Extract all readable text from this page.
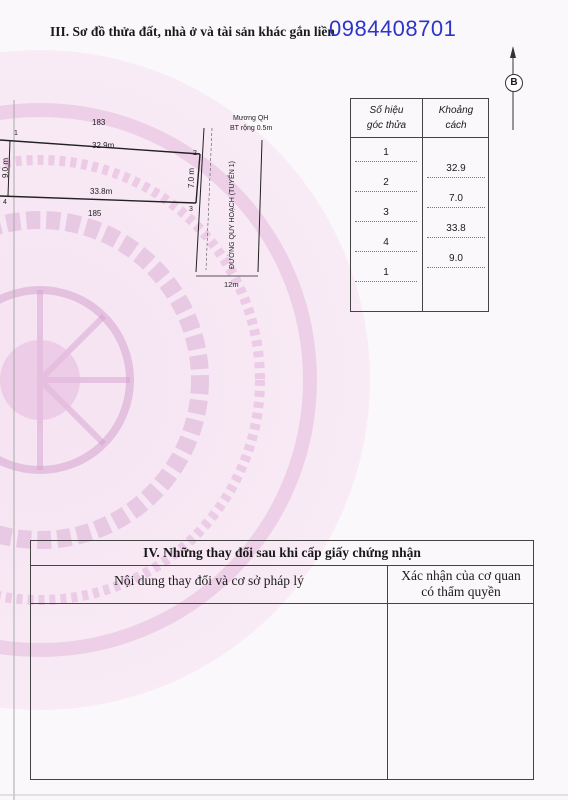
III. Sơ đồ thửa đất, nhà ở và tài sản khác gắn liền
0984408701
B
183
185
32.9m
33.8m
7.0 m
9.0 m
1
2
3
4
Mương QH
BT rộng 0.5m
ĐƯỜNG QUY HOẠCH (TUYẾN 1)
12m
Số hiệu
góc thửa
Khoảng
cách
1
2
3
4
1
32.9
7.0
33.8
9.0
IV. Những thay đổi sau khi cấp giấy chứng nhận
Nội dung thay đổi và cơ sở pháp lý	Xác nhận của cơ quan
có thẩm quyền
